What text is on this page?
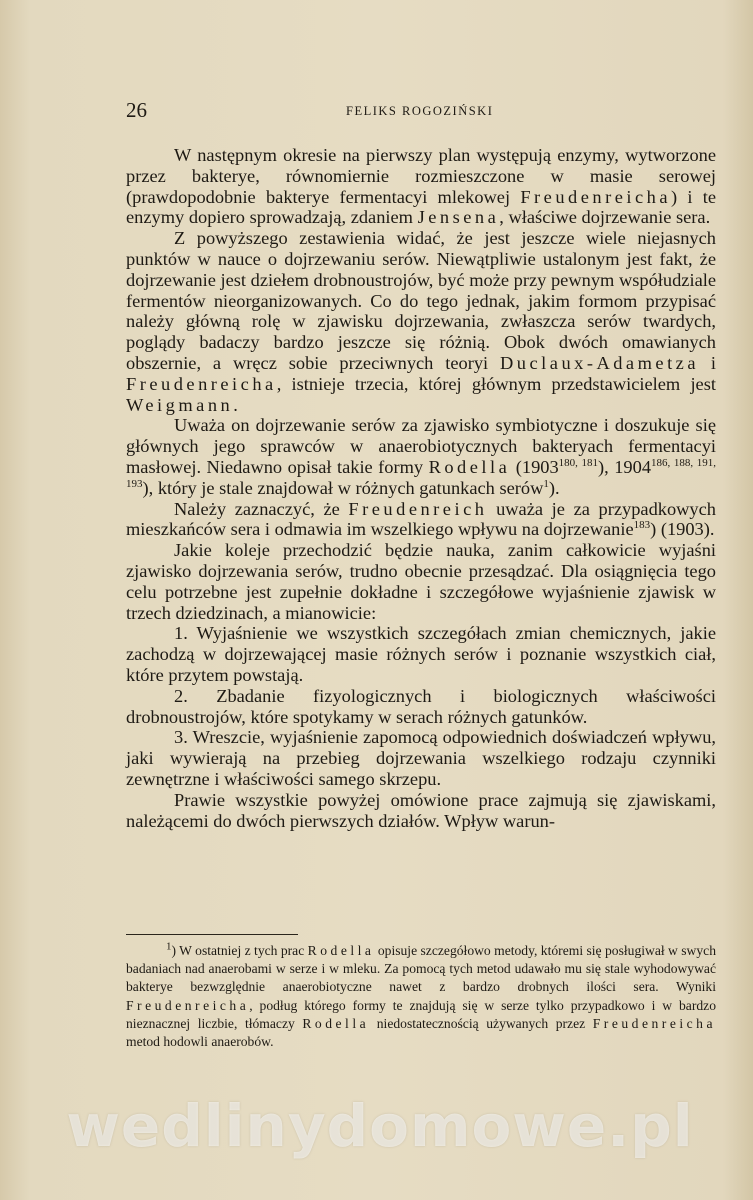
26	FELIKS ROGOZIŃSKI

W następnym okresie na pierwszy plan występują enzymy, wytworzone przez bakterye, równomiernie rozmieszczone w masie serowej (prawdopodobnie bakterye fermentacyi mlekowej Freudenreicha) i te enzymy dopiero sprowadzają, zdaniem Jensena, właściwe dojrzewanie sera.

Z powyższego zestawienia widać, że jest jeszcze wiele niejasnych punktów w nauce o dojrzewaniu serów. Niewątpliwie ustalonym jest fakt, że dojrzewanie jest dziełem drobnoustrojów, być może przy pewnym współudziale fermentów nieorganizowanych. Co do tego jednak, jakim formom przypisać należy główną rolę w zjawisku dojrzewania, zwłaszcza serów twardych, poglądy badaczy bardzo jeszcze się różnią. Obok dwóch omawianych obszernie, a wręcz sobie przeciwnych teoryi Duclaux-Adametza i Freudenreicha, istnieje trzecia, której głównym przedstawicielem jest Weigmann.

Uważa on dojrzewanie serów za zjawisko symbiotyczne i doszukuje się głównych jego sprawców w anaerobiotycznych bakteryach fermentacyi masłowej. Niedawno opisał takie formy Rodella (1903$^{180, 181}$), 1904$^{186, 188, 191, 193}$), który je stale znajdował w różnych gatunkach serów$^1$).

Należy zaznaczyć, że Freudenreich uważa je za przypadkowych mieszkańców sera i odmawia im wszelkiego wpływu na dojrzewanie$^{183}$) (1903).

Jakie koleje przechodzić będzie nauka, zanim całkowicie wyjaśni zjawisko dojrzewania serów, trudno obecnie przesądzać. Dla osiągnięcia tego celu potrzebne jest zupełnie dokładne i szczegółowe wyjaśnienie zjawisk w trzech dziedzinach, a mianowicie:

1. Wyjaśnienie we wszystkich szczegółach zmian chemicznych, jakie zachodzą w dojrzewającej masie różnych serów i poznanie wszystkich ciał, które przytem powstają.

2. Zbadanie fizyologicznych i biologicznych właściwości drobnoustrojów, które spotykamy w serach różnych gatunków.

3. Wreszcie, wyjaśnienie zapomocą odpowiednich doświadczeń wpływu, jaki wywierają na przebieg dojrzewania wszelkiego rodzaju czynniki zewnętrzne i właściwości samego skrzepu.

Prawie wszystkie powyżej omówione prace zajmują się zjawiskami, należącemi do dwóch pierwszych działów. Wpływ warun-

$^1$) W ostatniej z tych prac Rodella opisuje szczegółowo metody, któremi się posługiwał w swych badaniach nad anaerobami w serze i w mleku. Za pomocą tych metod udawało mu się stale wyhodowywać bakterye bezwzględnie anaerobiotyczne nawet z bardzo drobnych ilości sera. Wyniki Freudenreicha, podług którego formy te znajdują się w serze tylko przypadkowo i w bardzo nieznacznej liczbie, tłómaczy Rodella niedostatecznością używanych przez Freudenreicha metod hodowli anaerobów.

wedlinydomowe.pl
